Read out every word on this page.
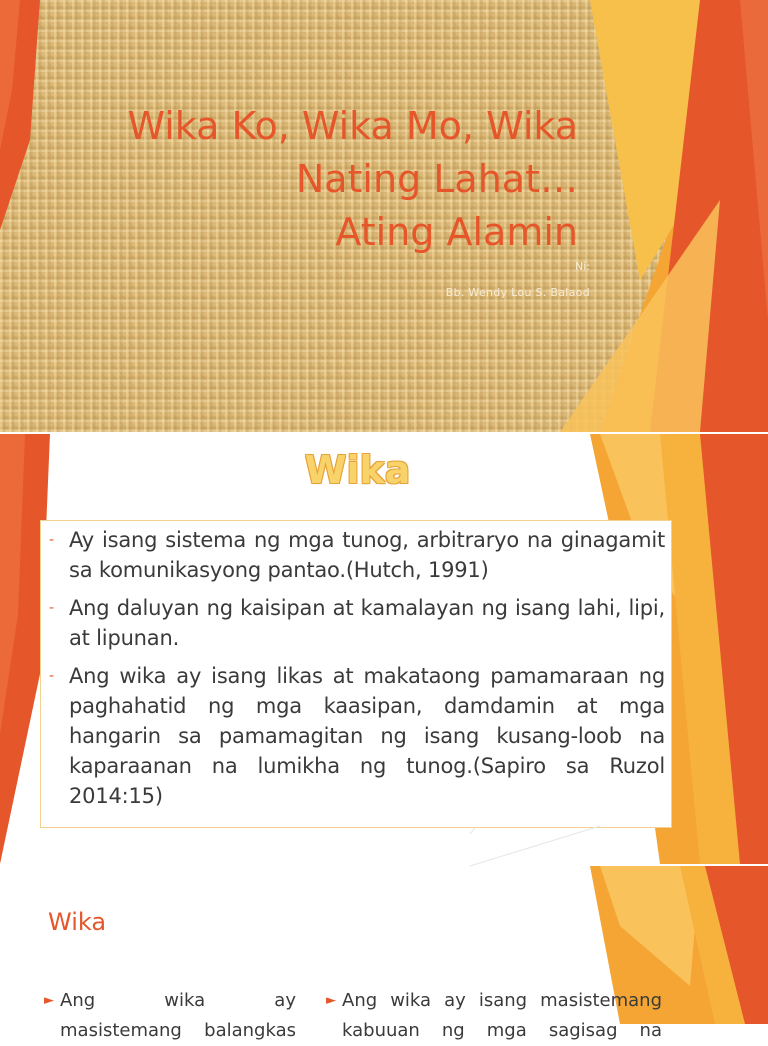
Wika Ko, Wika Mo, Wika
Nating Lahat…
Ating Alamin
Ni:
Bb. Wendy Lou S. Balaod
Wika
- Ay isang sistema ng mga tunog, arbitraryo na ginagamit sa komunikasyong pantao.(Hutch, 1991)
- Ang daluyan ng kaisipan at kamalayan ng isang lahi, lipi, at lipunan.
- Ang wika ay isang likas at makataong pamamaraan ng paghahatid ng mga kaasipan, damdamin at mga hangarin sa pamamagitan ng isang kusang-loob na kaparaanan na lumikha ng tunog.(Sapiro sa Ruzol 2014:15)
Wika
► Ang wika ay masistemang balangkas
► Ang wika ay isang masistemang kabuuan ng mga sagisag na
